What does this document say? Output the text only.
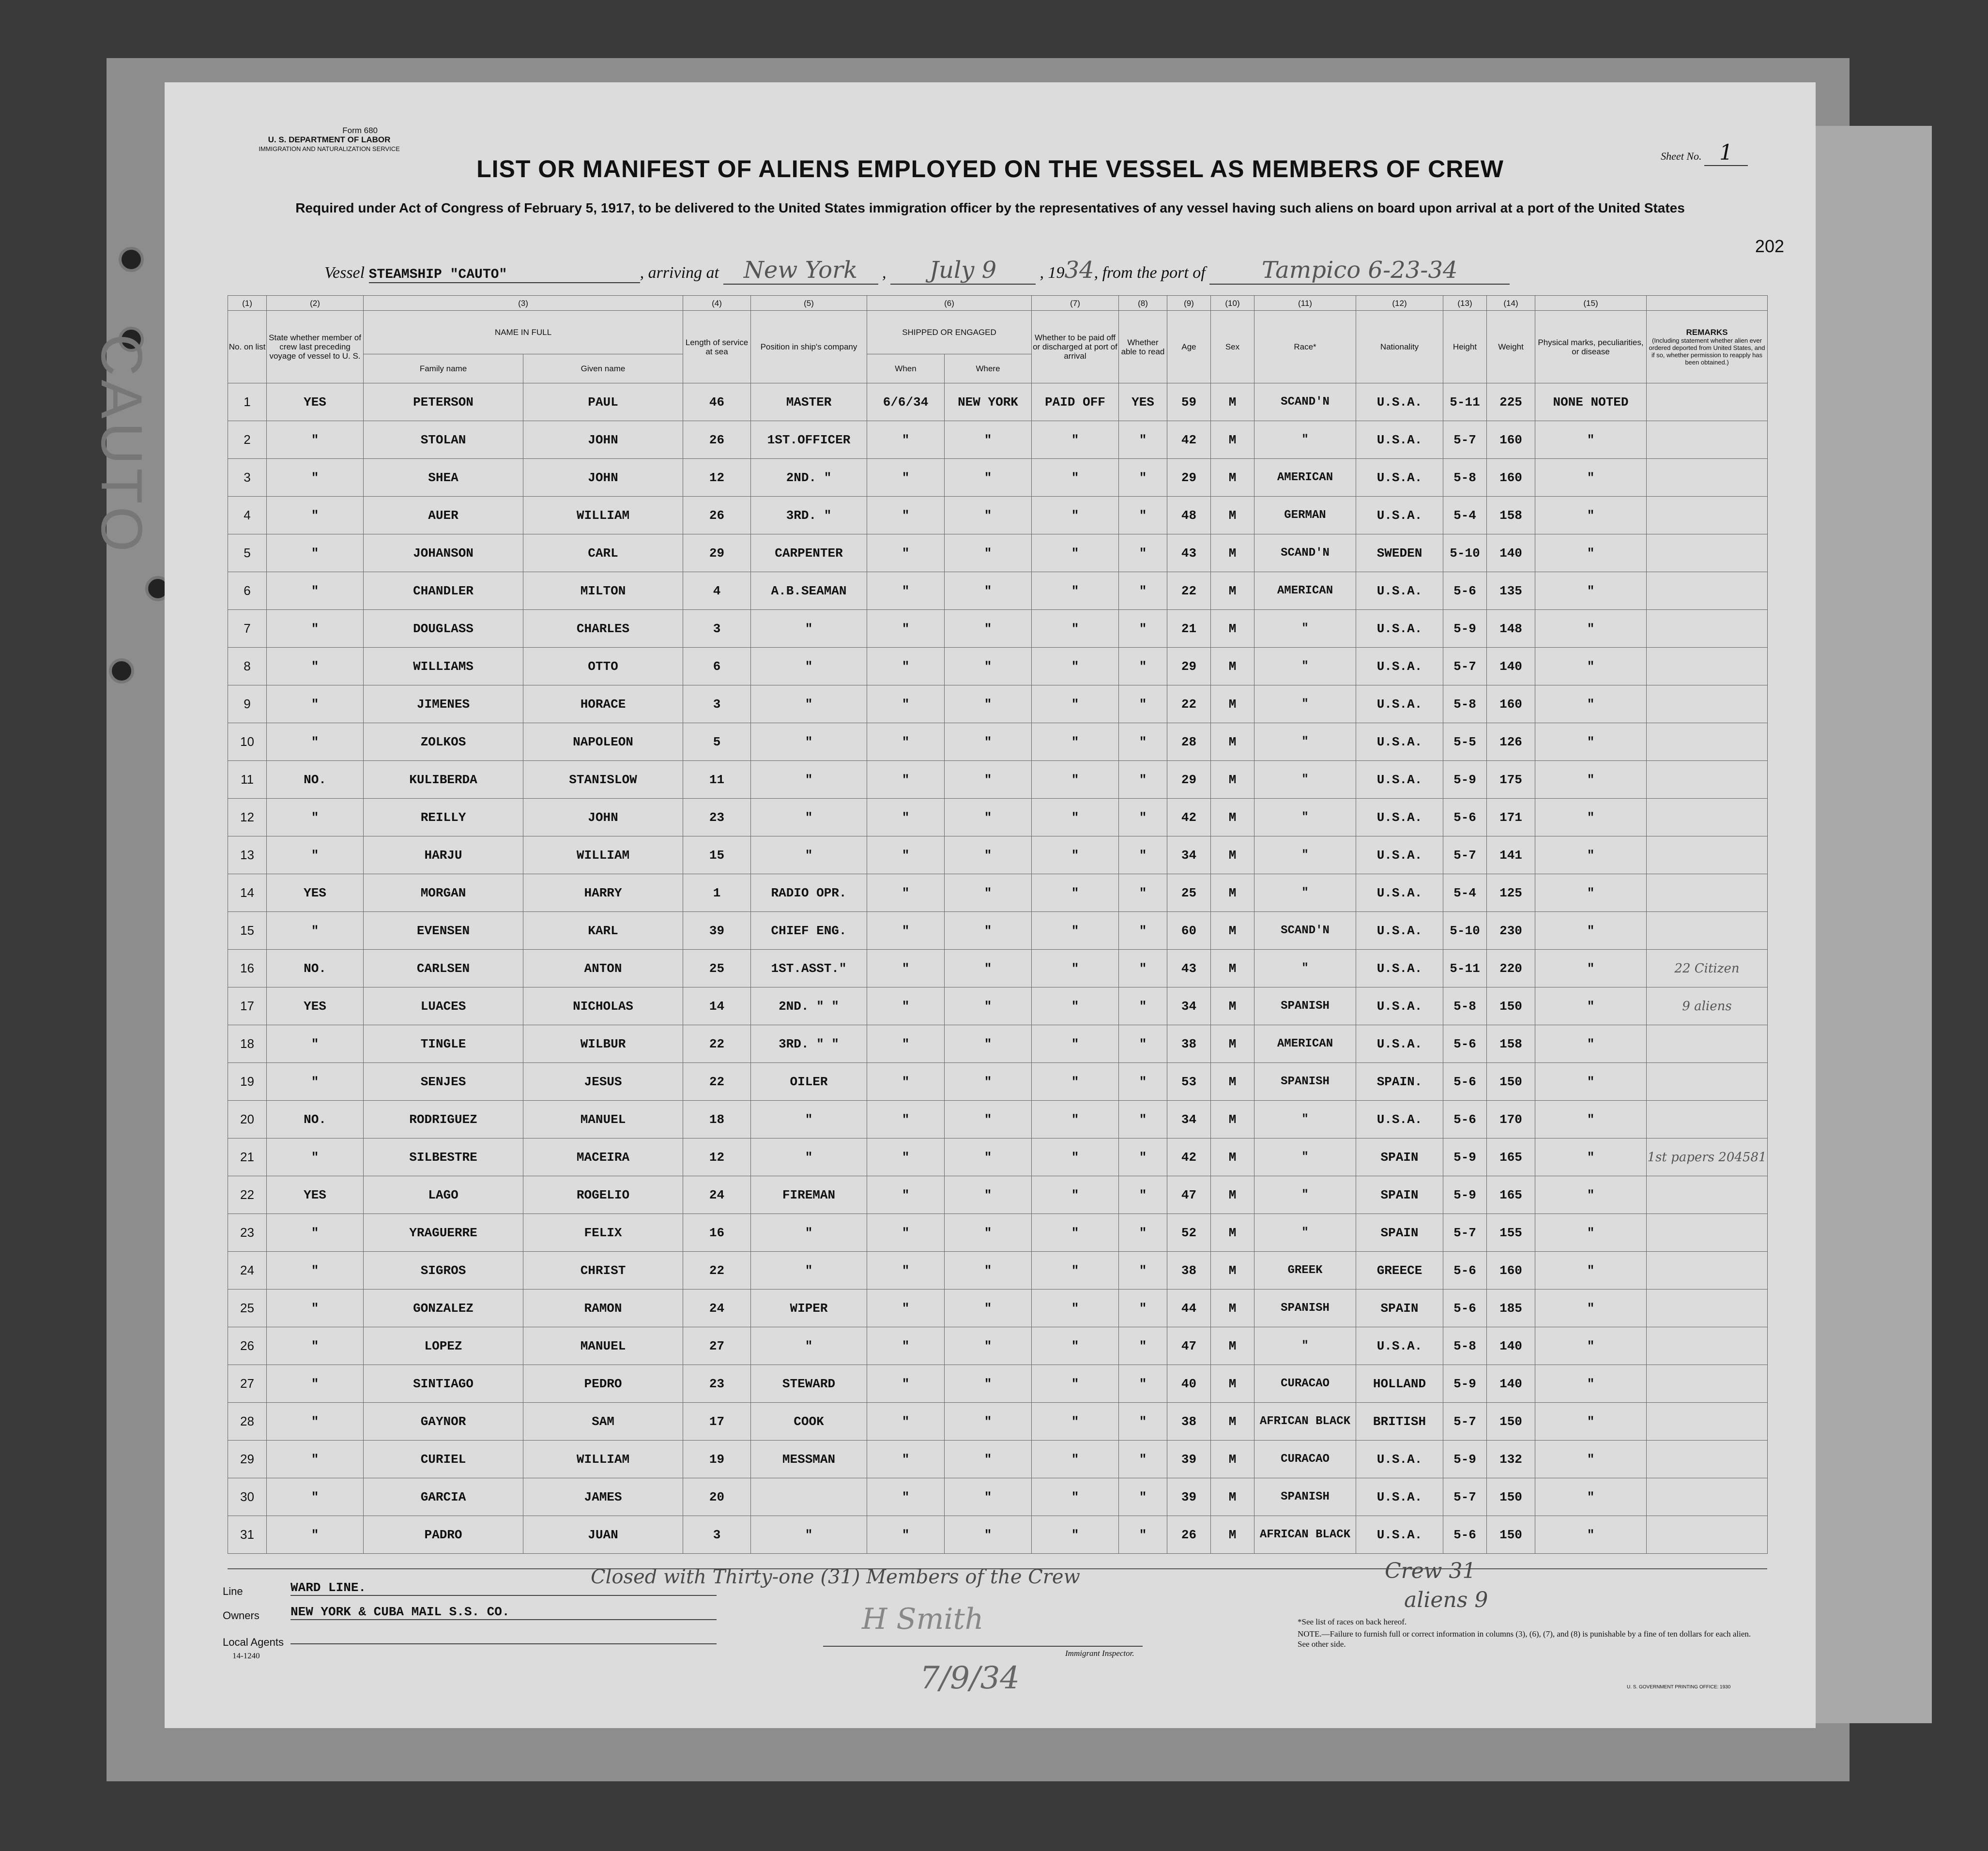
Form 680
U. S. DEPARTMENT OF LABOR
IMMIGRATION AND NATURALIZATION SERVICE
Sheet No. 1
LIST OR MANIFEST OF ALIENS EMPLOYED ON THE VESSEL AS MEMBERS OF CREW
Required under Act of Congress of February 5, 1917, to be delivered to the United States immigration officer by the representatives of any vessel having such aliens on board upon arrival at a port of the United States
202
CAUTO
Vessel STEAMSHIP "CAUTO"	, arriving at New York , July 9 , 1934, from the port of Tampico 6-23-34
(1)	(2)	(3)		(4)	(5)	(6)		(7)	(8)	(9)	(10)	(11)	(12)	(13)	(14)	(15)	
No. on list	State whether member of crew last preceding voyage of vessel to U. S.	NAME IN FULL		Length of service at sea	Position in ship's company	SHIPPED OR ENGAGED		Whether to be paid off or discharged at port of arrival	Whether able to read	Age	Sex	Race*	Nationality	Height	Weight	Physical marks, peculiarities, or disease	REMARKS
(Including statement whether alien ever ordered deported from United States, and if so, whether permission to reapply has been obtained.)

		Family name	Given name			When	Where										
1	YES	PETERSON	PAUL	46	MASTER	6/6/34	NEW YORK	PAID OFF	YES	59	M	SCAND'N	U.S.A.	5-11	225	NONE NOTED	
2	"	STOLAN	JOHN	26	1ST.OFFICER	"	"	"	"	42	M	"	U.S.A.	5-7	160	"	
3	"	SHEA	JOHN	12	2ND. "	"	"	"	"	29	M	AMERICAN	U.S.A.	5-8	160	"	
4	"	AUER	WILLIAM	26	3RD. "	"	"	"	"	48	M	GERMAN	U.S.A.	5-4	158	"	
5	"	JOHANSON	CARL	29	CARPENTER	"	"	"	"	43	M	SCAND'N	SWEDEN	5-10	140	"	
6	"	CHANDLER	MILTON	4	A.B.SEAMAN	"	"	"	"	22	M	AMERICAN	U.S.A.	5-6	135	"	
7	"	DOUGLASS	CHARLES	3	"	"	"	"	"	21	M	"	U.S.A.	5-9	148	"	
8	"	WILLIAMS	OTTO	6	"	"	"	"	"	29	M	"	U.S.A.	5-7	140	"	
9	"	JIMENES	HORACE	3	"	"	"	"	"	22	M	"	U.S.A.	5-8	160	"	
10	"	ZOLKOS	NAPOLEON	5	"	"	"	"	"	28	M	"	U.S.A.	5-5	126	"	
11	NO.	KULIBERDA	STANISLOW	11	"	"	"	"	"	29	M	"	U.S.A.	5-9	175	"	
12	"	REILLY	JOHN	23	"	"	"	"	"	42	M	"	U.S.A.	5-6	171	"	
13	"	HARJU	WILLIAM	15	"	"	"	"	"	34	M	"	U.S.A.	5-7	141	"	
14	YES	MORGAN	HARRY	1	RADIO OPR.	"	"	"	"	25	M	"	U.S.A.	5-4	125	"	
15	"	EVENSEN	KARL	39	CHIEF ENG.	"	"	"	"	60	M	SCAND'N	U.S.A.	5-10	230	"	
16	NO.	CARLSEN	ANTON	25	1ST.ASST."	"	"	"	"	43	M	"	U.S.A.	5-11	220	"	22 Citizen
17	YES	LUACES	NICHOLAS	14	2ND. " "	"	"	"	"	34	M	SPANISH	U.S.A.	5-8	150	"	9 aliens
18	"	TINGLE	WILBUR	22	3RD. " "	"	"	"	"	38	M	AMERICAN	U.S.A.	5-6	158	"	
19	"	SENJES	JESUS	22	OILER	"	"	"	"	53	M	SPANISH	SPAIN.	5-6	150	"	
20	NO.	RODRIGUEZ	MANUEL	18	"	"	"	"	"	34	M	"	U.S.A.	5-6	170	"	
21	"	SILBESTRE	MACEIRA	12	"	"	"	"	"	42	M	"	SPAIN	5-9	165	"	1st papers 204581
22	YES	LAGO	ROGELIO	24	FIREMAN	"	"	"	"	47	M	"	SPAIN	5-9	165	"	
23	"	YRAGUERRE	FELIX	16	"	"	"	"	"	52	M	"	SPAIN	5-7	155	"	
24	"	SIGROS	CHRIST	22	"	"	"	"	"	38	M	GREEK	GREECE	5-6	160	"	
25	"	GONZALEZ	RAMON	24	WIPER	"	"	"	"	44	M	SPANISH	SPAIN	5-6	185	"	
26	"	LOPEZ	MANUEL	27	"	"	"	"	"	47	M	"	U.S.A.	5-8	140	"	
27	"	SINTIAGO	PEDRO	23	STEWARD	"	"	"	"	40	M	CURACAO	HOLLAND	5-9	140	"	
28	"	GAYNOR	SAM	17	COOK	"	"	"	"	38	M	AFRICAN BLACK	BRITISH	5-7	150	"	
29	"	CURIEL	WILLIAM	19	MESSMAN	"	"	"	"	39	M	CURACAO	U.S.A.	5-9	132	"	
30	"	GARCIA	JAMES	20		"	"	"	"	39	M	SPANISH	U.S.A.	5-7	150	"	
31	"	PADRO	JUAN	3	"	"	"	"	"	26	M	AFRICAN BLACK	U.S.A.	5-6	150	"	
Line	WARD LINE.
Owners NEW YORK & CUBA MAIL S.S. CO.
Local Agents
14-1240
Closed with Thirty-one (31) Members of the Crew	Crew 31
aliens 9
H Smith
Immigrant Inspector.
7/9/34
*See list of races on back hereof.
NOTE.—Failure to furnish full or correct information in columns (3), (6), (7), and (8) is punishable by a fine of ten dollars for each alien. See other side.
U. S. GOVERNMENT PRINTING OFFICE: 1930
